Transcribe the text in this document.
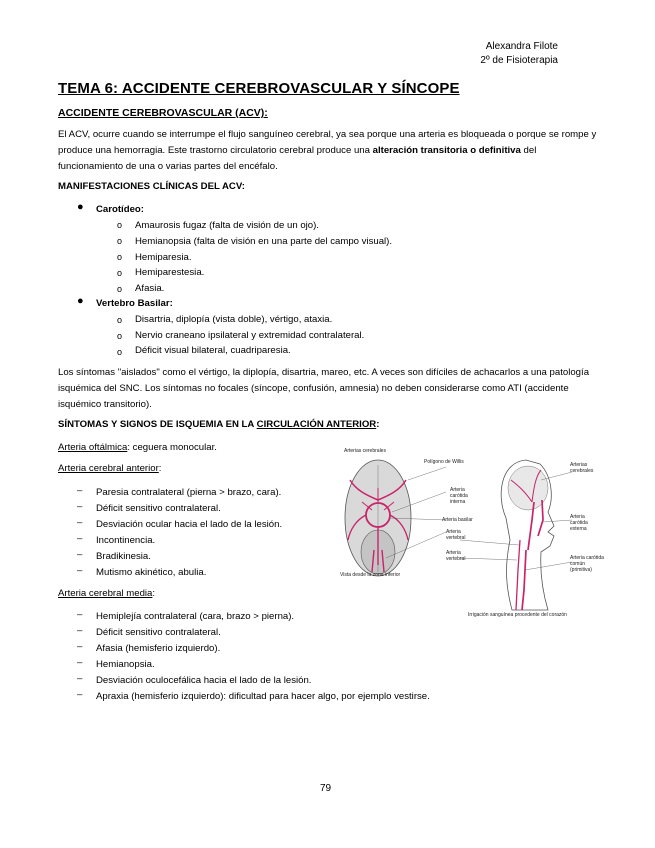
Alexandra Filote
2º de Fisioterapia
TEMA 6: ACCIDENTE CEREBROVASCULAR Y SÍNCOPE
ACCIDENTE CEREBROVASCULAR (ACV):
El ACV, ocurre cuando se interrumpe el flujo sanguíneo cerebral, ya sea porque una arteria es bloqueada o porque se rompe y produce una hemorragia. Este trastorno circulatorio cerebral produce una alteración transitoria o definitiva del funcionamiento de una o varias partes del encéfalo.
MANIFESTACIONES CLÍNICAS DEL ACV:
● Carotídeo:
o Amaurosis fugaz (falta de visión de un ojo).
o Hemianopsia (falta de visión en una parte del campo visual).
o Hemiparesia.
o Hemiparestesia.
o Afasia.
● Vertebro Basilar:
o Disartria, diplopía (vista doble), vértigo, ataxia.
o Nervio craneano ipsilateral y extremidad contralateral.
o Déficit visual bilateral, cuadriparesia.
Los síntomas "aislados" como el vértigo, la diplopía, disartria, mareo, etc. A veces son difíciles de achacarlos a una patología isquémica del SNC. Los síntomas no focales (síncope, confusión, amnesia) no deben considerarse como ATI (accidente isquémico transitorio).
SÍNTOMAS Y SIGNOS DE ISQUEMIA EN LA CIRCULACIÓN ANTERIOR:
Arteria oftálmica: ceguera monocular.
Arteria cerebral anterior:
– Paresia contralateral (pierna > brazo, cara).
– Déficit sensitivo contralateral.
– Desviación ocular hacia el lado de la lesión.
– Incontinencia.
– Bradikinesia.
– Mutismo akinético, abulia.
Arteria cerebral media:
– Hemiplejía contralateral (cara, brazo > pierna).
– Déficit sensitivo contralateral.
– Afasia (hemisferio izquierdo).
– Hemianopsia.
– Desviación oculocefálica hacia el lado de la lesión.
– Apraxia (hemisferio izquierdo): dificultad para hacer algo, por ejemplo vestirse.
Arterias cerebrales
Polígono de Willis
Arteria carótida interna
Arteria basilar
Arteria vertebral
Vista desde la zona inferior
Arterias cerebrales
Arteria carótida externa
Arteria carótida común (primitiva)
Arteria vertebral
Irrigación sanguínea procedente del corazón
79
